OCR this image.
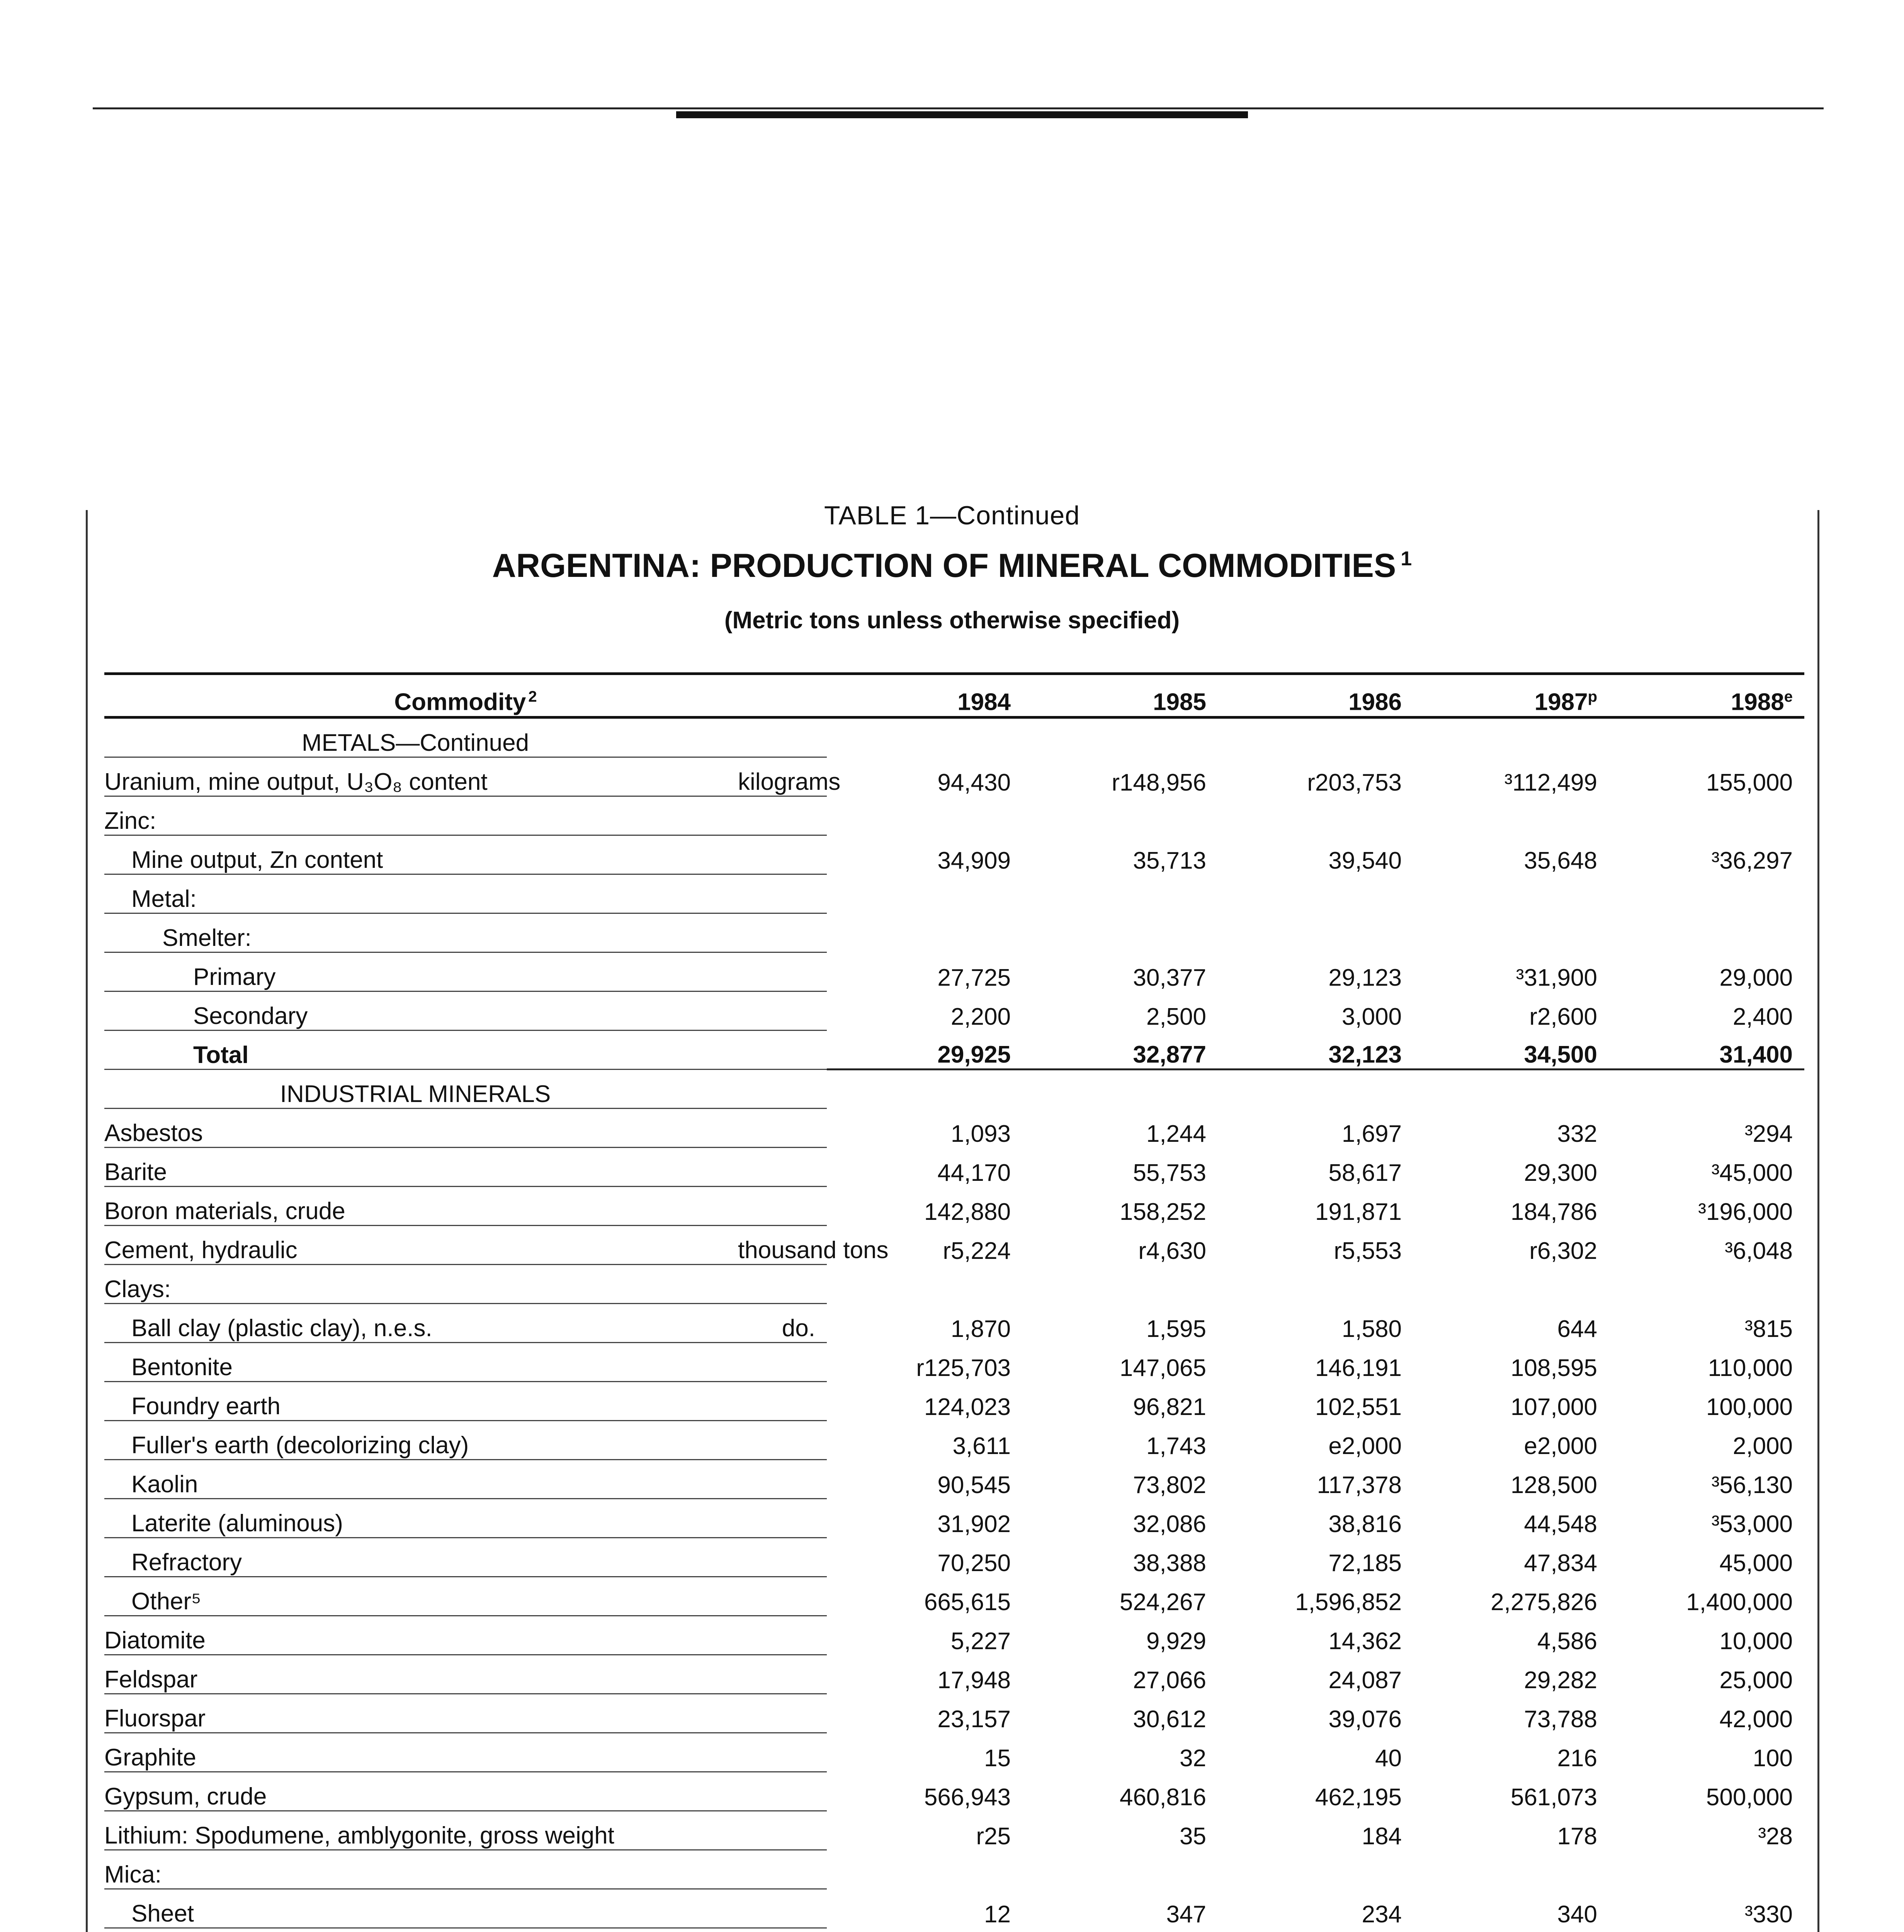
TABLE 1—Continued
ARGENTINA: PRODUCTION OF MINERAL COMMODITIES $^1$
(Metric tons unless otherwise specified)
Commodity $^2$		1984	1985	1986	1987$^p$	1988e
METALS—Continued						
Uranium, mine output, U₃O₈ content	kilograms	94,430	r148,956	r203,753	³112,499	155,000
Zinc:						
Mine output, Zn content		34,909	35,713	39,540	35,648	³36,297
Metal:						
Smelter:						
Primary		27,725	30,377	29,123	³31,900	29,000
Secondary		2,200	2,500	3,000	r2,600	2,400
Total		29,925	32,877	32,123	34,500	31,400
INDUSTRIAL MINERALS						
Asbestos		1,093	1,244	1,697	332	³294
Barite		44,170	55,753	58,617	29,300	³45,000
Boron materials, crude		142,880	158,252	191,871	184,786	³196,000
Cement, hydraulic	thousand tons	r5,224	r4,630	r5,553	r6,302	³6,048
Clays:						
Ball clay (plastic clay), n.e.s.	do.	1,870	1,595	1,580	644	³815
Bentonite		r125,703	147,065	146,191	108,595	110,000
Foundry earth		124,023	96,821	102,551	107,000	100,000
Fuller's earth (decolorizing clay)		3,611	1,743	e2,000	e2,000	2,000
Kaolin		90,545	73,802	117,378	128,500	³56,130
Laterite (aluminous)		31,902	32,086	38,816	44,548	³53,000
Refractory		70,250	38,388	72,185	47,834	45,000
Other⁵		665,615	524,267	1,596,852	2,275,826	1,400,000
Diatomite		5,227	9,929	14,362	4,586	10,000
Feldspar		17,948	27,066	24,087	29,282	25,000
Fluorspar		23,157	30,612	39,076	73,788	42,000
Graphite		15	32	40	216	100
Gypsum, crude		566,943	460,816	462,195	561,073	500,000
Lithium: Spodumene, amblygonite, gross weight		r25	35	184	178	³28
Mica:						
Sheet		12	347	234	340	³330
